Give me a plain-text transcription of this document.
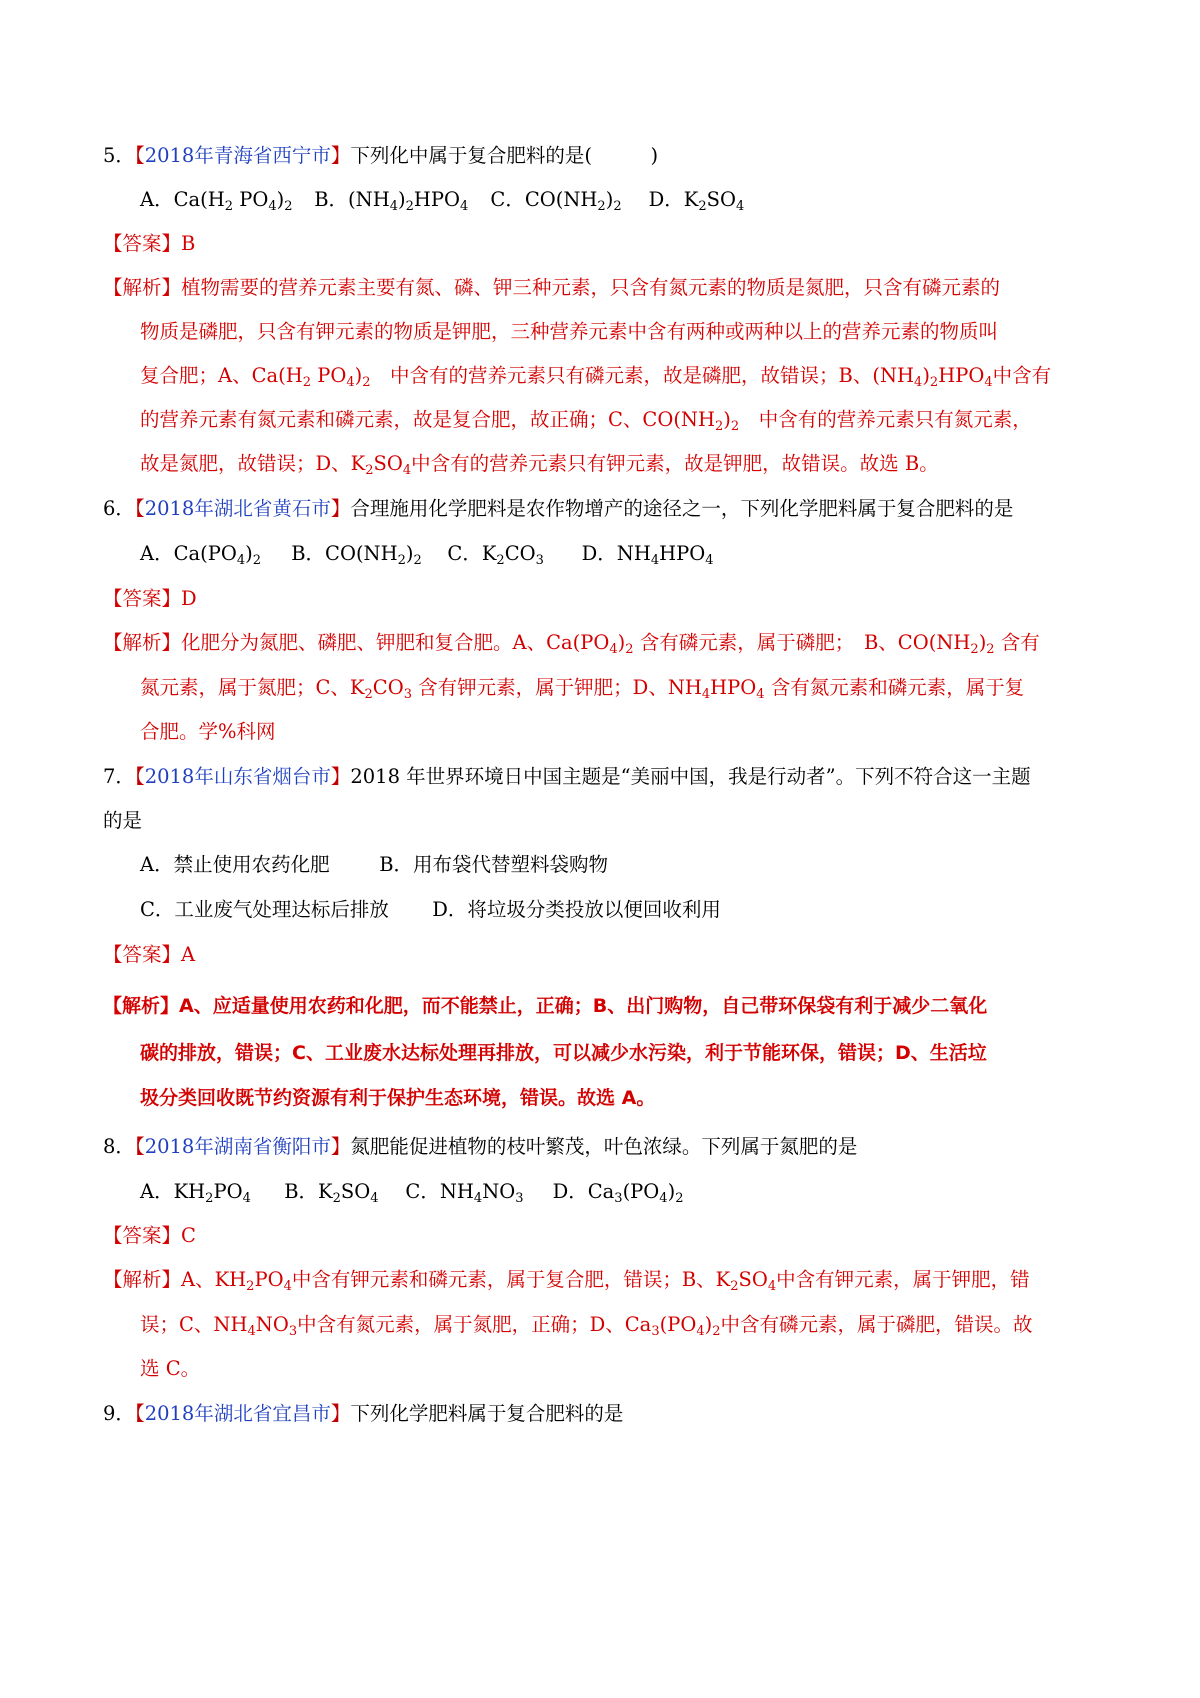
5．【2018年青海省西宁市】下列化中属于复合肥料的是(　　　)
A．$Ca(H_2$ $PO_4)_2$ B．$(NH_4)_2HPO_4$ C．$CO(NH_2)_2$ D．$K_2SO_4$
【答案】B
【解析】植物需要的营养元素主要有氮、磷、钾三种元素，只含有氮元素的物质是氮肥，只含有磷元素的
物质是磷肥，只含有钾元素的物质是钾肥，三种营养元素中含有两种或两种以上的营养元素的物质叫
复合肥；A、$Ca(H_2$ $PO_4)_2$　中含有的营养元素只有磷元素，故是磷肥，故错误；B、$(NH_4)_2HPO_4$中含有
的营养元素有氮元素和磷元素，故是复合肥，故正确；C、$CO(NH_2)_2$　中含有的营养元素只有氮元素，
故是氮肥，故错误；D、$K_2SO_4$中含有的营养元素只有钾元素，故是钾肥，故错误。故选 B。
6．【2018年湖北省黄石市】合理施用化学肥料是农作物增产的途径之一，下列化学肥料属于复合肥料的是
A．$Ca(PO_4)_2$ B．$CO(NH_2)_2$ C．$K_2CO_3$ D．$NH_4HPO_4$
【答案】D
【解析】化肥分为氮肥、磷肥、钾肥和复合肥。A、$Ca(PO_4)_2$ 含有磷元素，属于磷肥；　B、$CO(NH_2)_2$ 含有
氮元素，属于氮肥；C、$K_2CO_3$ 含有钾元素，属于钾肥；D、$NH_4HPO_4$ 含有氮元素和磷元素，属于复
合肥。学%科网
7．【2018年山东省烟台市】2018 年世界环境日中国主题是“美丽中国，我是行动者”。下列不符合这一主题
的是
A．禁止使用农药化肥	B．用布袋代替塑料袋购物
C．工业废气处理达标后排放 D．将垃圾分类投放以便回收利用
【答案】A
【解析】A、应适量使用农药和化肥，而不能禁止，正确；B、出门购物，自己带环保袋有利于减少二氧化
碳的排放，错误；C、工业废水达标处理再排放，可以减少水污染，利于节能环保，错误；D、生活垃
圾分类回收既节约资源有利于保护生态环境，错误。故选 A。
8．【2018年湖南省衡阳市】氮肥能促进植物的枝叶繁茂，叶色浓绿。下列属于氮肥的是
A．$KH_2PO_4$ B．$K_2SO_4$ C．$NH_4NO_3$ D．$Ca_3(PO_4)_2$
【答案】C
【解析】A、$KH_2PO_4$中含有钾元素和磷元素，属于复合肥，错误；B、$K_2SO_4$中含有钾元素，属于钾肥，错
误；C、$NH_4NO_3$中含有氮元素，属于氮肥，正确；D、$Ca_3(PO_4)_2$中含有磷元素，属于磷肥，错误。故
选 C。
9．【2018年湖北省宜昌市】下列化学肥料属于复合肥料的是
